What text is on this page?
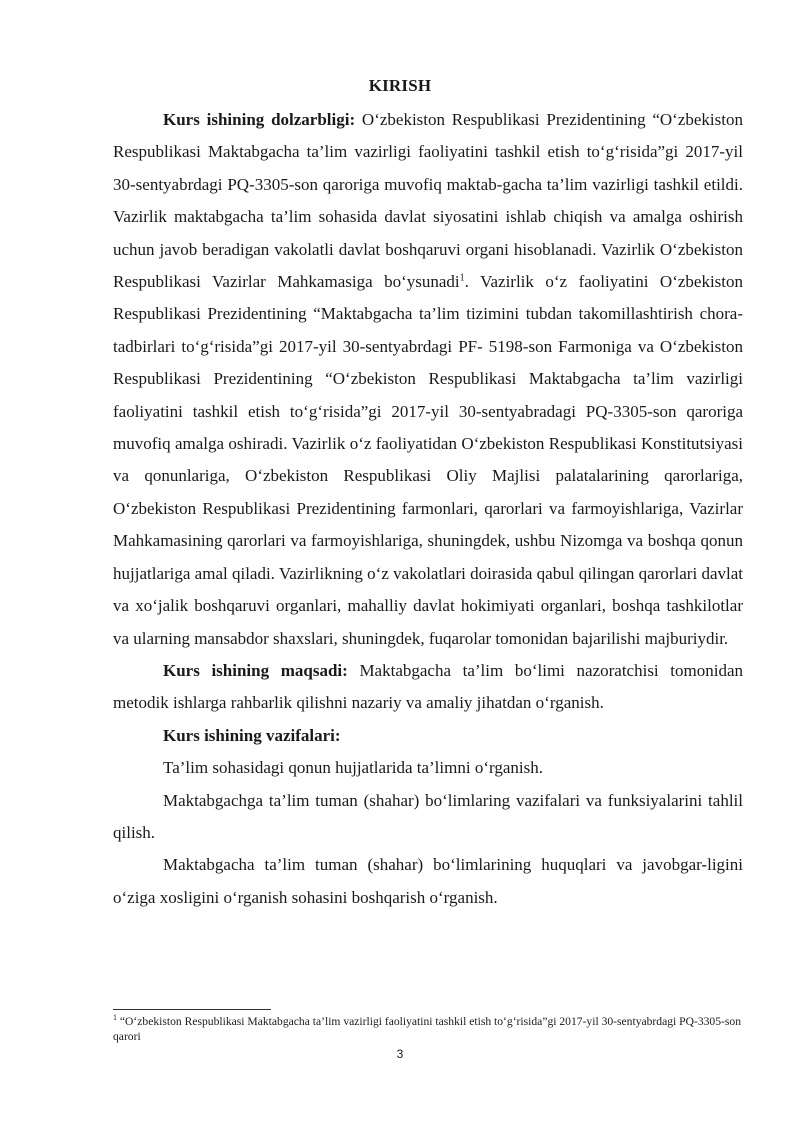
KIRISH

Kurs ishining dolzarbligi: O‘zbekiston Respublikasi Prezidentining “O‘zbekiston Respublikasi Maktabgacha ta’lim vazirligi faoliyatini tashkil etish to‘g‘risida”gi 2017-yil 30-sentyabrdagi PQ-3305-son qaroriga muvofiq maktab-gacha ta’lim vazirligi tashkil etildi. Vazirlik maktabgacha ta’lim sohasida davlat siyosatini ishlab chiqish va amalga oshirish uchun javob beradigan vakolatli davlat boshqaruvi organi hisoblanadi. Vazirlik O‘zbekiston Respublikasi Vazirlar Mahkamasiga bo‘ysunadi$^1$. Vazirlik o‘z faoliyatini O‘zbekiston Respublikasi Prezidentining “Maktabgacha ta’lim tizimini tubdan takomillashtirish chora-tadbirlari to‘g‘risida”gi 2017-yil 30-sentyabrdagi PF- 5198-son Farmoniga va O‘zbekiston Respublikasi Prezidentining “O‘zbekiston Respublikasi Maktabgacha ta’lim vazirligi faoliyatini tashkil etish to‘g‘risida”gi 2017-yil 30-sentyabradagi PQ-3305-son qaroriga muvofiq amalga oshiradi. Vazirlik o‘z faoliyatidan O‘zbekiston Respublikasi Konstitutsiyasi va qonunlariga, O‘zbekiston Respublikasi Oliy Majlisi palatalarining qarorlariga, O‘zbekiston Respublikasi Prezidentining farmonlari, qarorlari va farmoyishlariga, Vazirlar Mahkamasining qarorlari va farmoyishlariga, shuningdek, ushbu Nizomga va boshqa qonun hujjatlariga amal qiladi. Vazirlikning o‘z vakolatlari doirasida qabul qilingan qarorlari davlat va xo‘jalik boshqaruvi organlari, mahalliy davlat hokimiyati organlari, boshqa tashkilotlar va ularning mansabdor shaxslari, shuningdek, fuqarolar tomonidan bajarilishi majburiydir.

Kurs ishining maqsadi: Maktabgacha ta’lim bo‘limi nazoratchisi tomonidan metodik ishlarga rahbarlik qilishni nazariy va amaliy jihatdan o‘rganish.

Kurs ishining vazifalari:

Ta’lim sohasidagi qonun hujjatlarida ta’limni o‘rganish.

Maktabgachga ta’lim tuman (shahar) bo‘limlaring vazifalari va funksiyalarini tahlil qilish.

Maktabgacha ta’lim tuman (shahar) bo‘limlarining huquqlari va javobgar-ligini o‘ziga xosligini o‘rganish sohasini boshqarish o‘rganish.

$^1$ “O‘zbekiston Respublikasi Maktabgacha ta’lim vazirligi faoliyatini tashkil etish to‘g‘risida”gi 2017-yil 30-sentyabrdagi PQ-3305-son qarori
3
